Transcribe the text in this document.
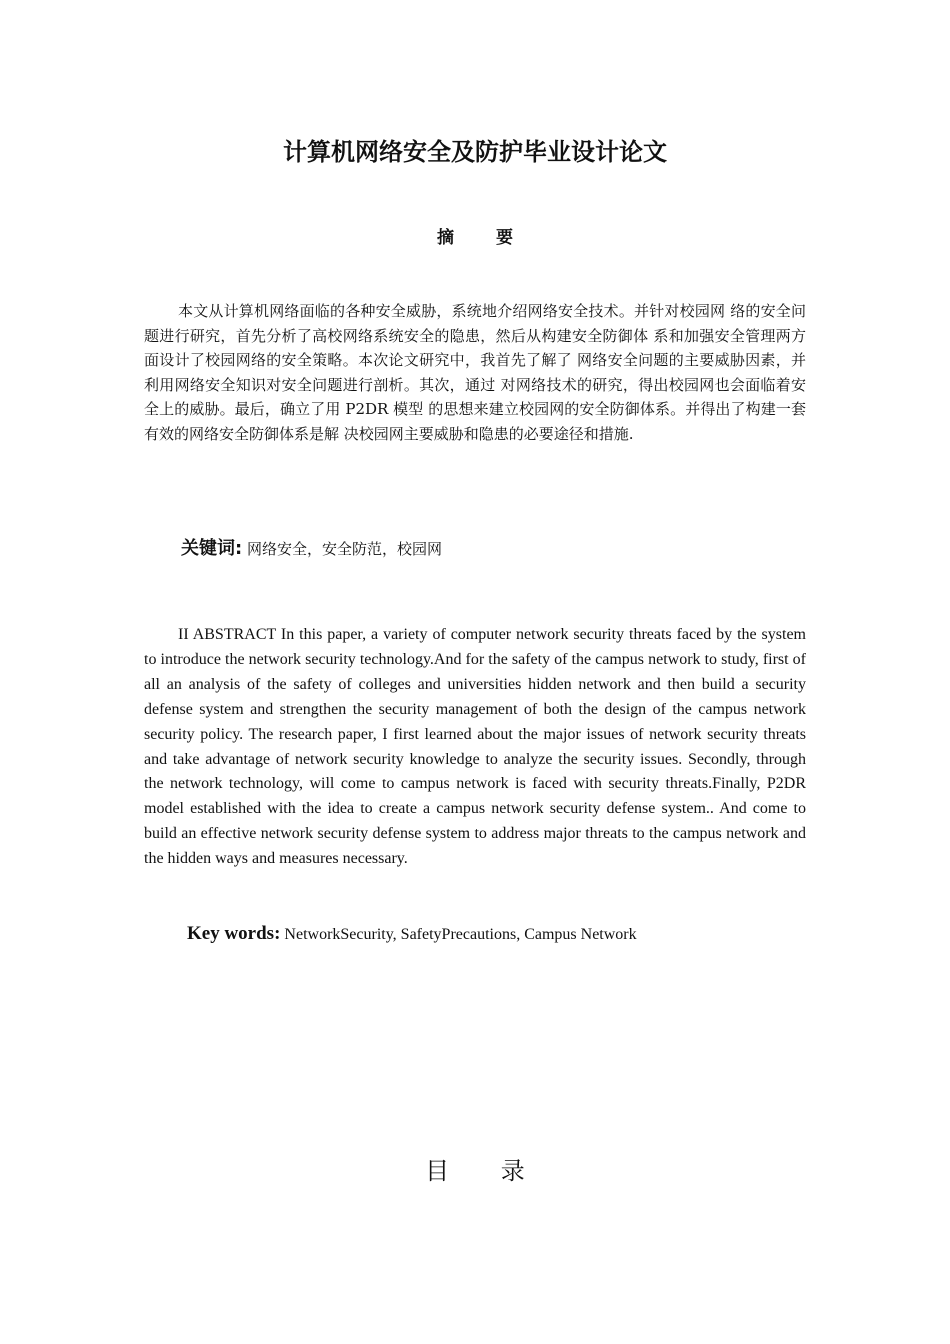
计算机网络安全及防护毕业设计论文
摘 要

本文从计算机网络面临的各种安全威胁，系统地介绍网络安全技术。并针对校园网 络的安全问题进行研究，首先分析了高校网络系统安全的隐患，然后从构建安全防御体 系和加强安全管理两方面设计了校园网络的安全策略。本次论文研究中，我首先了解了 网络安全问题的主要威胁因素，并利用网络安全知识对安全问题进行剖析。其次，通过 对网络技术的研究，得出校园网也会面临着安全上的威胁。最后，确立了用 P2DR 模型 的思想来建立校园网的安全防御体系。并得出了构建一套有效的网络安全防御体系是解 决校园网主要威胁和隐患的必要途径和措施.

关键词: 网络安全，安全防范，校园网

II ABSTRACT In this paper, a variety of computer network security threats faced by the system to introduce the network security technology.And for the safety of the campus network to study, first of all an analysis of the safety of colleges and universities hidden network and then build a security defense system and strengthen the security management of both the design of the campus network security policy. The research paper, I first learned about the major issues of network security threats and take advantage of network security knowledge to analyze the security issues. Secondly, through the network technology, will come to campus network is faced with security threats.Finally, P2DR model established with the idea to create a campus network security defense system.. And come to build an effective network security defense system to address major threats to the campus network and the hidden ways and measures necessary.

Key words: NetworkSecurity, SafetyPrecautions, Campus Network

目 录
